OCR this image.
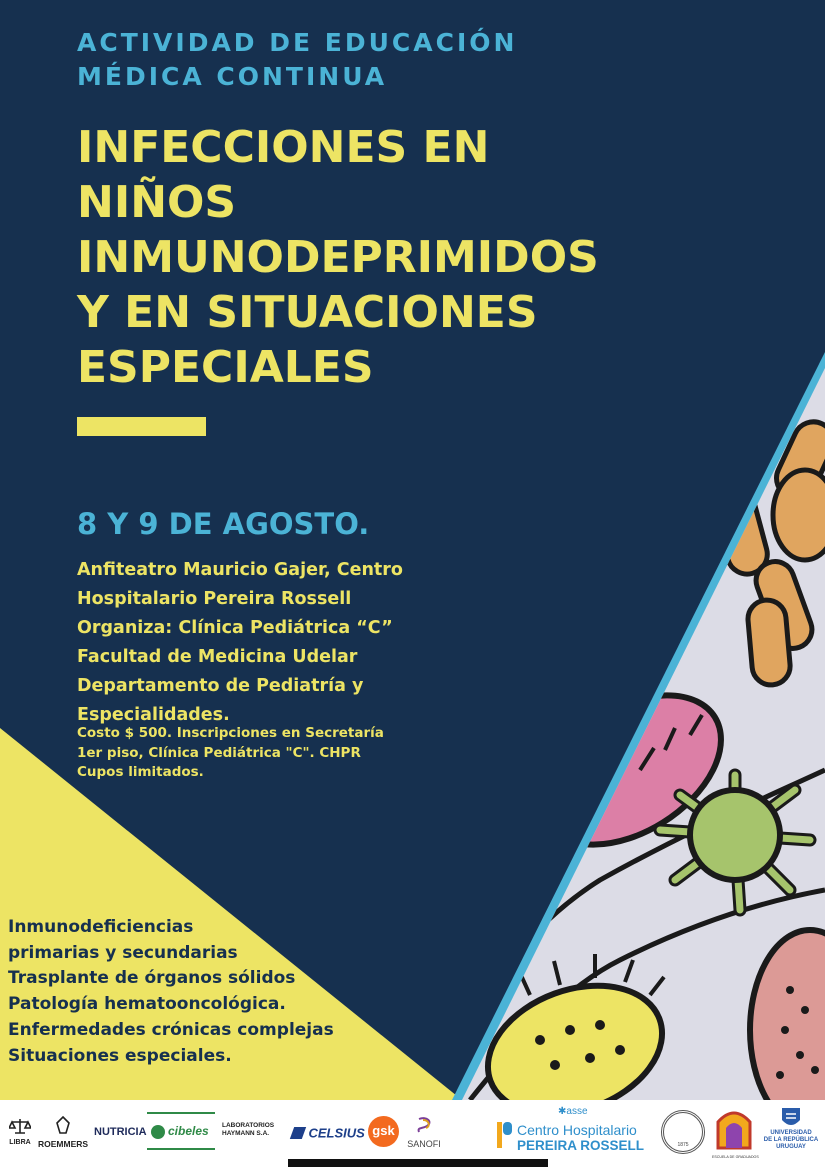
ACTIVIDAD DE EDUCACIÓN
MÉDICA CONTINUA
INFECCIONES EN
NIÑOS
INMUNODEPRIMIDOS
Y EN SITUACIONES
ESPECIALES
8 Y 9 DE AGOSTO.
Anfiteatro Mauricio Gajer, Centro
Hospitalario Pereira Rossell
Organiza: Clínica Pediátrica “C”
Facultad de Medicina Udelar
Departamento de Pediatría y
Especialidades.
Costo $ 500. Inscripciones en Secretaría
1er piso, Clínica Pediátrica "C". CHPR
Cupos limitados.
Inmunodeficiencias
primarias y secundarias
Trasplante de órganos sólidos
Patología hematooncológica.
Enfermedades crónicas complejas
Situaciones especiales.
LIBRA ROEMMERS
NUTRICIA cibeles LABORATORIOS
HAYMANN S.A.	CELSIUS gsk
SANOFI
✱asse
Centro Hospitalario
PEREIRA ROSSELL	1875
ESCUELA DE GRADUADOS
UNIVERSIDAD
DE LA REPÚBLICA
URUGUAY
